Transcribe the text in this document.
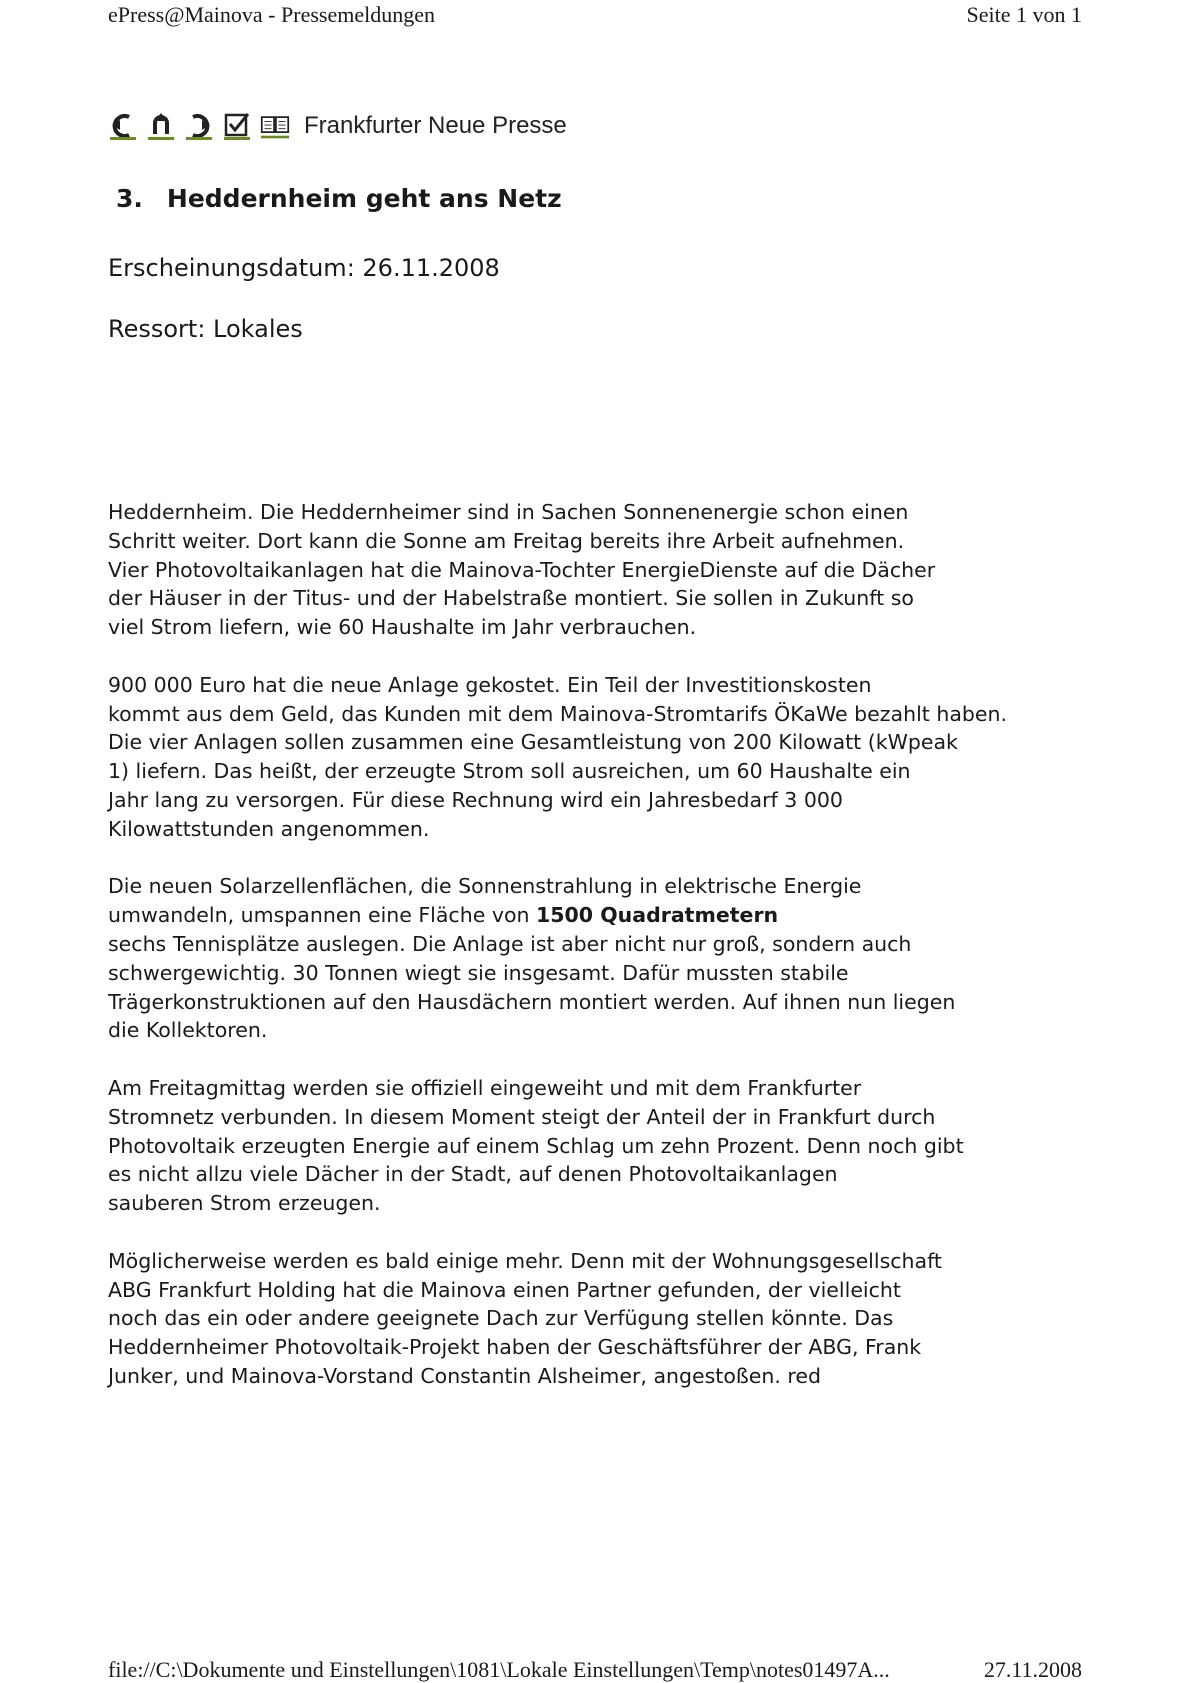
ePress@Mainova - Pressemeldungen	Seite 1 von 1
Frankfurter Neue Presse
3. Heddernheim geht ans Netz
Erscheinungsdatum: 26.11.2008
Ressort: Lokales

Heddernheim. Die Heddernheimer sind in Sachen Sonnenenergie schon einen
Schritt weiter. Dort kann die Sonne am Freitag bereits ihre Arbeit aufnehmen.
Vier Photovoltaikanlagen hat die Mainova-Tochter EnergieDienste auf die Dächer
der Häuser in der Titus- und der Habelstraße montiert. Sie sollen in Zukunft so
viel Strom liefern, wie 60 Haushalte im Jahr verbrauchen.

900 000 Euro hat die neue Anlage gekostet. Ein Teil der Investitionskosten
kommt aus dem Geld, das Kunden mit dem Mainova-Stromtarifs ÖKaWe bezahlt haben.
Die vier Anlagen sollen zusammen eine Gesamtleistung von 200 Kilowatt (kWpeak
1) liefern. Das heißt, der erzeugte Strom soll ausreichen, um 60 Haushalte ein
Jahr lang zu versorgen. Für diese Rechnung wird ein Jahresbedarf 3 000
Kilowattstunden angenommen.

Die neuen Solarzellenflächen, die Sonnenstrahlung in elektrische Energie
umwandeln, umspannen eine Fläche von 1500 Quadratmetern
sechs Tennisplätze auslegen. Die Anlage ist aber nicht nur groß, sondern auch
schwergewichtig. 30 Tonnen wiegt sie insgesamt. Dafür mussten stabile
Trägerkonstruktionen auf den Hausdächern montiert werden. Auf ihnen nun liegen
die Kollektoren.

Am Freitagmittag werden sie offiziell eingeweiht und mit dem Frankfurter
Stromnetz verbunden. In diesem Moment steigt der Anteil der in Frankfurt durch
Photovoltaik erzeugten Energie auf einem Schlag um zehn Prozent. Denn noch gibt
es nicht allzu viele Dächer in der Stadt, auf denen Photovoltaikanlagen
sauberen Strom erzeugen.

Möglicherweise werden es bald einige mehr. Denn mit der Wohnungsgesellschaft
ABG Frankfurt Holding hat die Mainova einen Partner gefunden, der vielleicht
noch das ein oder andere geeignete Dach zur Verfügung stellen könnte. Das
Heddernheimer Photovoltaik-Projekt haben der Geschäftsführer der ABG, Frank
Junker, und Mainova-Vorstand Constantin Alsheimer, angestoßen. red

file://C:\Dokumente und Einstellungen\1081\Lokale Einstellungen\Temp\notes01497A...	27.11.2008
